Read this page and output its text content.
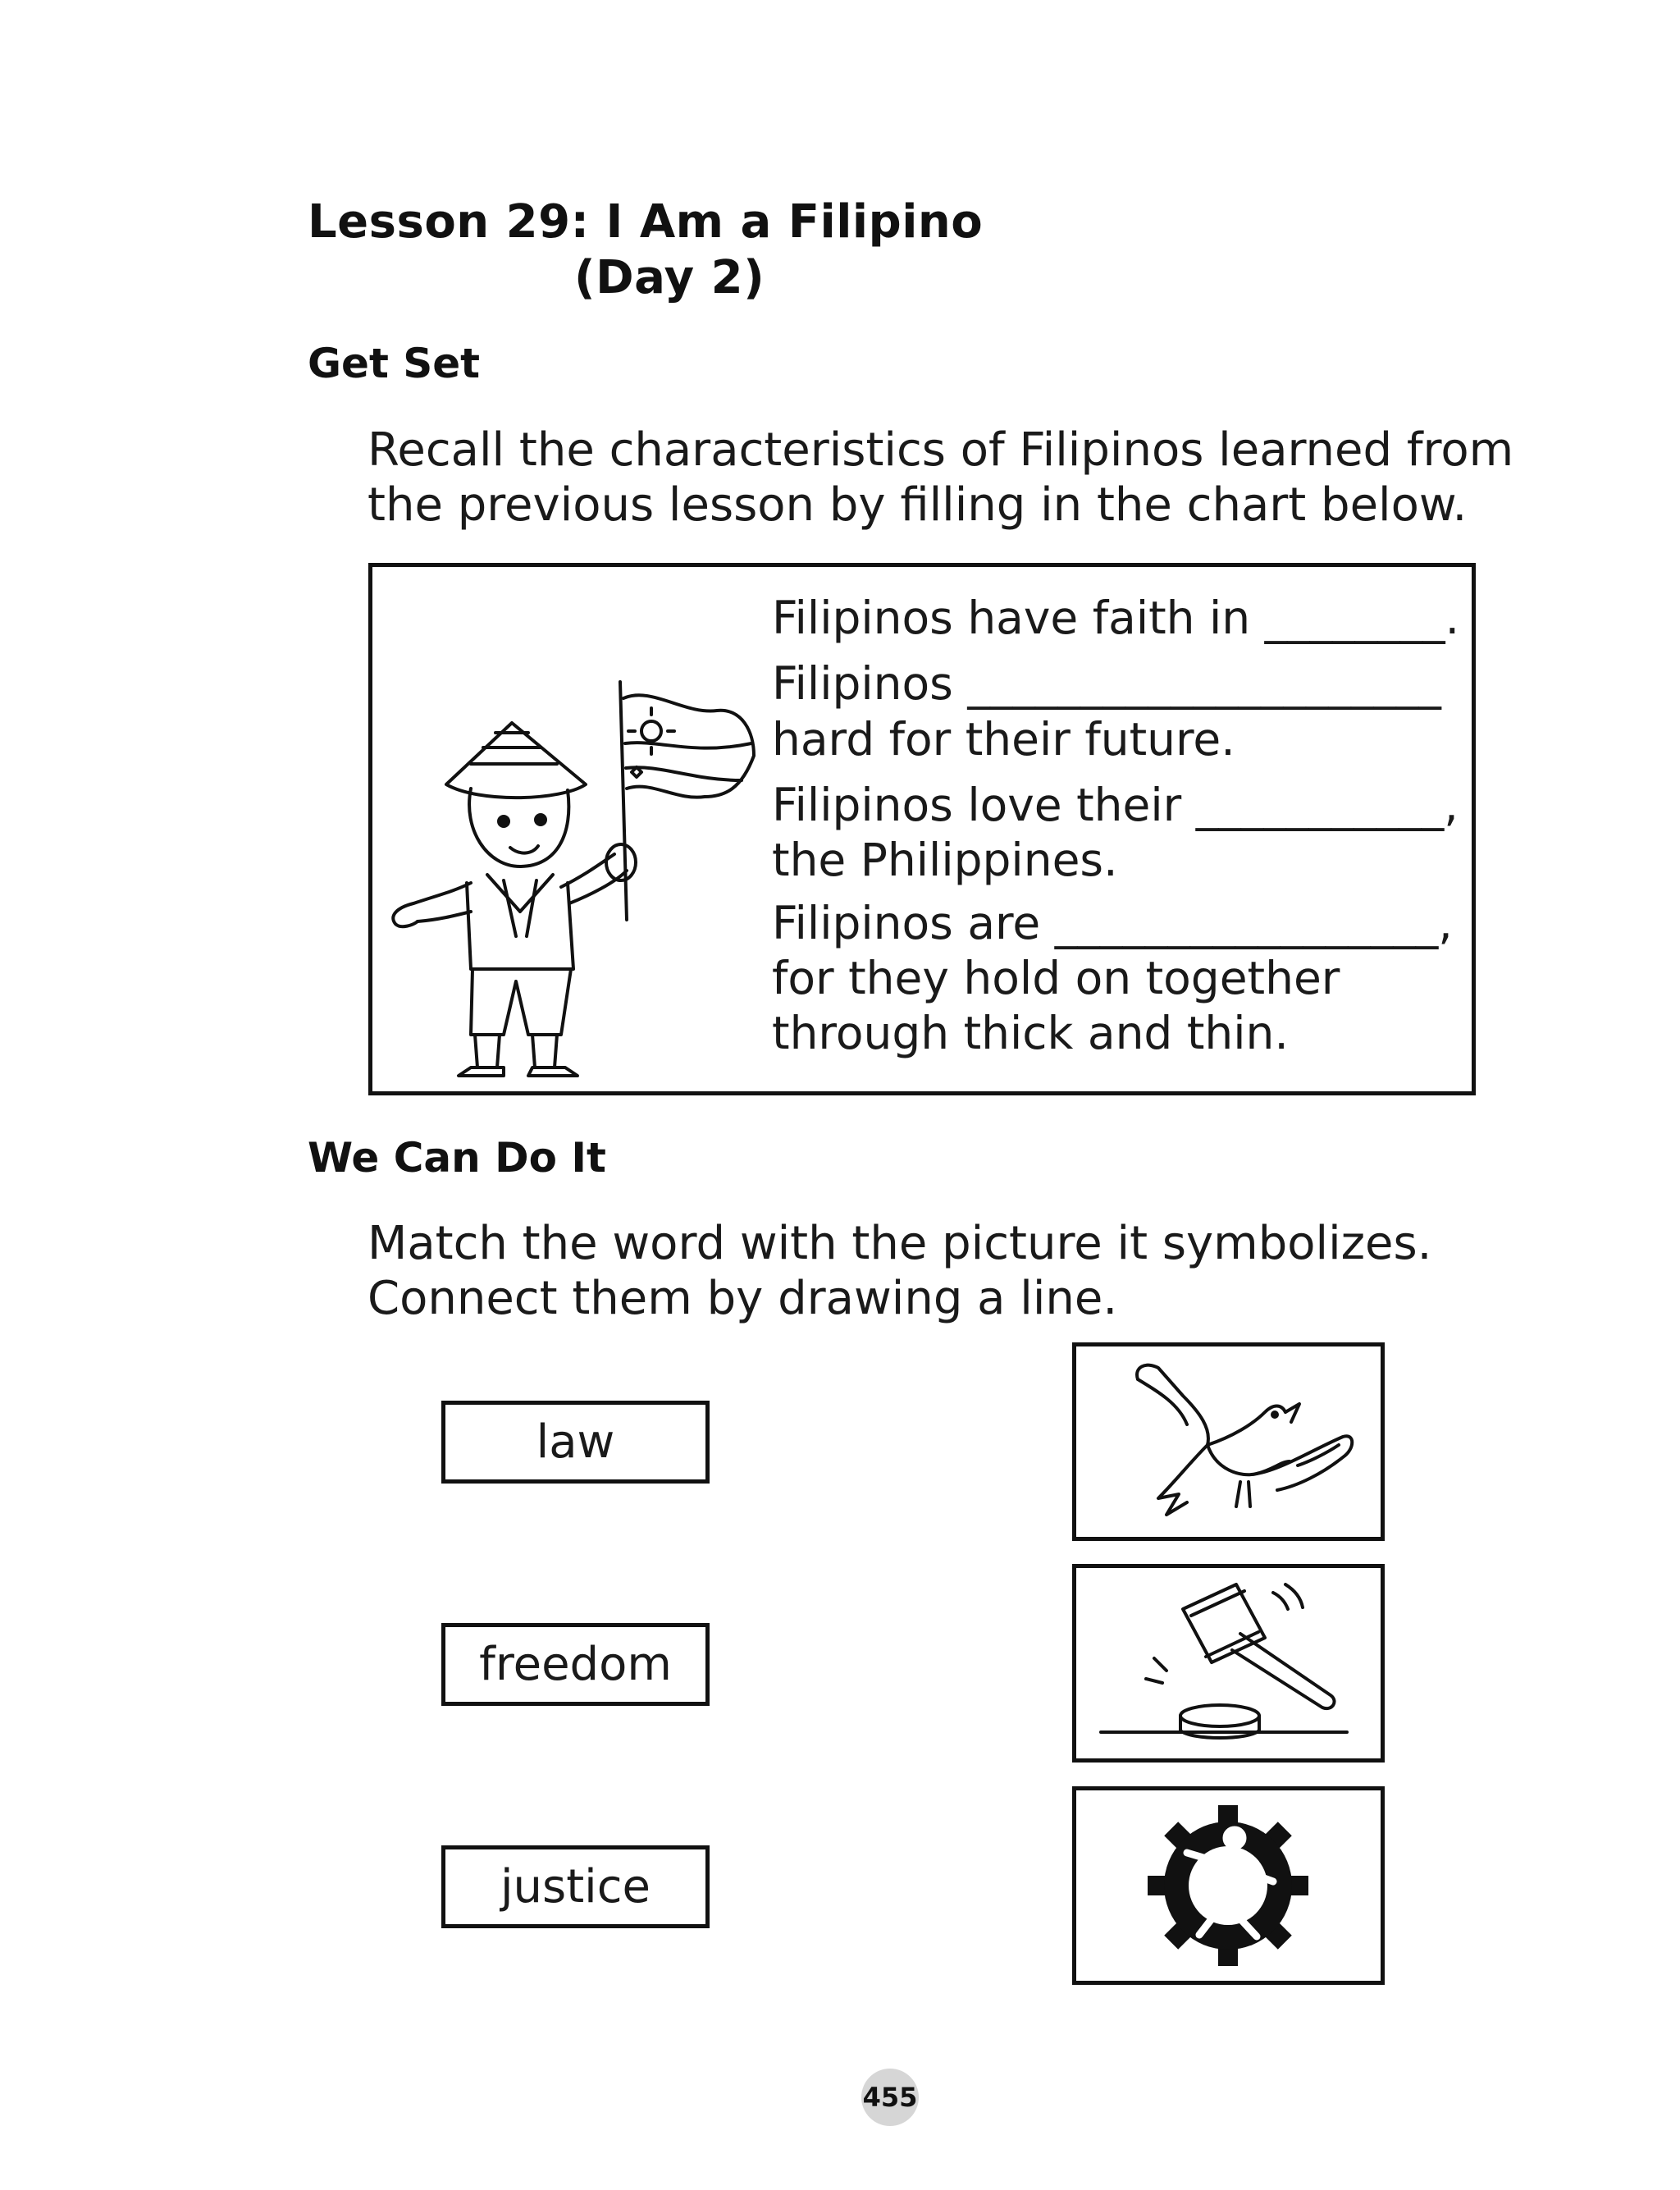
Lesson 29: I Am a Filipino
(Day 2)
Get Set
Recall the characteristics of Filipinos learned from
the previous lesson by filling in the chart below.
Filipinos have faith in ________.
Filipinos _____________________
hard for their future.
Filipinos love their ___________,
the Philippines.
Filipinos are _________________,
for they hold on together
through thick and thin.
We Can Do It
Match the word with the picture it symbolizes.
Connect them by drawing a line.
law
freedom
justice
455
